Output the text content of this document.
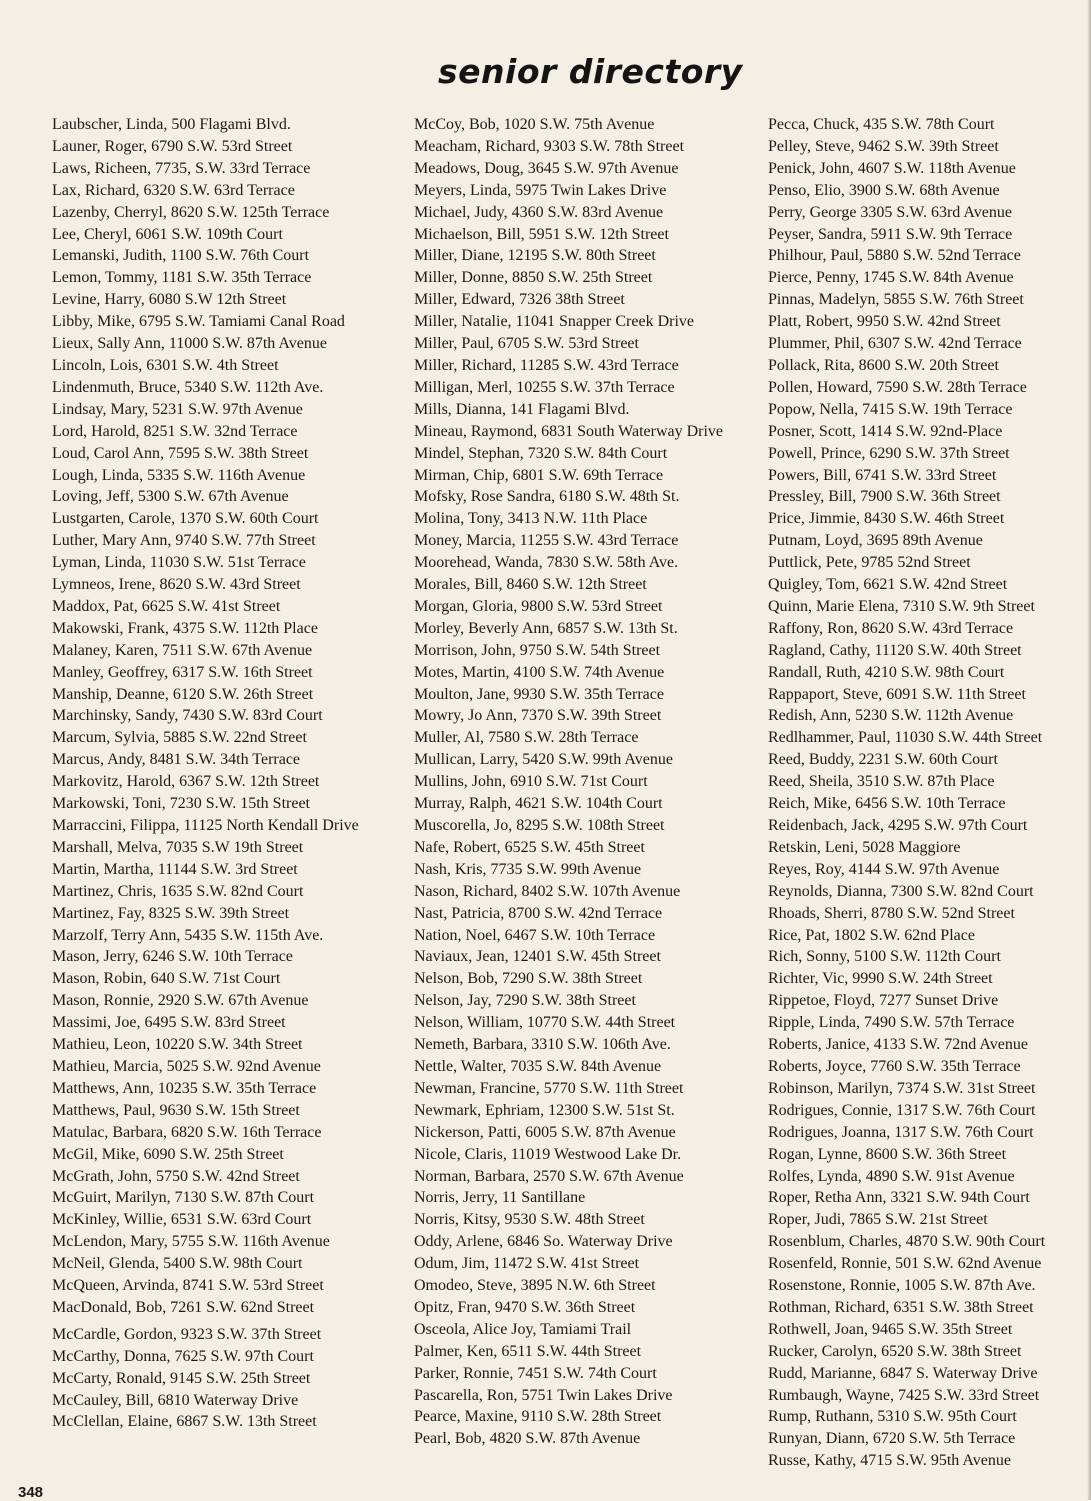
senior directory
Laubscher, Linda, 500 Flagami Blvd.
Launer, Roger, 6790 S.W. 53rd Street
Laws, Richeen, 7735, S.W. 33rd Terrace
Lax, Richard, 6320 S.W. 63rd Terrace
Lazenby, Cherryl, 8620 S.W. 125th Terrace
Lee, Cheryl, 6061 S.W. 109th Court
Lemanski, Judith, 1100 S.W. 76th Court
Lemon, Tommy, 1181 S.W. 35th Terrace
Levine, Harry, 6080 S.W 12th Street
Libby, Mike, 6795 S.W. Tamiami Canal Road
Lieux, Sally Ann, 11000 S.W. 87th Avenue
Lincoln, Lois, 6301 S.W. 4th Street
Lindenmuth, Bruce, 5340 S.W. 112th Ave.
Lindsay, Mary, 5231 S.W. 97th Avenue
Lord, Harold, 8251 S.W. 32nd Terrace
Loud, Carol Ann, 7595 S.W. 38th Street
Lough, Linda, 5335 S.W. 116th Avenue
Loving, Jeff, 5300 S.W. 67th Avenue
Lustgarten, Carole, 1370 S.W. 60th Court
Luther, Mary Ann, 9740 S.W. 77th Street
Lyman, Linda, 11030 S.W. 51st Terrace
Lymneos, Irene, 8620 S.W. 43rd Street
Maddox, Pat, 6625 S.W. 41st Street
Makowski, Frank, 4375 S.W. 112th Place
Malaney, Karen, 7511 S.W. 67th Avenue
Manley, Geoffrey, 6317 S.W. 16th Street
Manship, Deanne, 6120 S.W. 26th Street
Marchinsky, Sandy, 7430 S.W. 83rd Court
Marcum, Sylvia, 5885 S.W. 22nd Street
Marcus, Andy, 8481 S.W. 34th Terrace
Markovitz, Harold, 6367 S.W. 12th Street
Markowski, Toni, 7230 S.W. 15th Street
Marraccini, Filippa, 11125 North Kendall Drive
Marshall, Melva, 7035 S.W 19th Street
Martin, Martha, 11144 S.W. 3rd Street
Martinez, Chris, 1635 S.W. 82nd Court
Martinez, Fay, 8325 S.W. 39th Street
Marzolf, Terry Ann, 5435 S.W. 115th Ave.
Mason, Jerry, 6246 S.W. 10th Terrace
Mason, Robin, 640 S.W. 71st Court
Mason, Ronnie, 2920 S.W. 67th Avenue
Massimi, Joe, 6495 S.W. 83rd Street
Mathieu, Leon, 10220 S.W. 34th Street
Mathieu, Marcia, 5025 S.W. 92nd Avenue
Matthews, Ann, 10235 S.W. 35th Terrace
Matthews, Paul, 9630 S.W. 15th Street
Matulac, Barbara, 6820 S.W. 16th Terrace
McGil, Mike, 6090 S.W. 25th Street
McGrath, John, 5750 S.W. 42nd Street
McGuirt, Marilyn, 7130 S.W. 87th Court
McKinley, Willie, 6531 S.W. 63rd Court
McLendon, Mary, 5755 S.W. 116th Avenue
McNeil, Glenda, 5400 S.W. 98th Court
McQueen, Arvinda, 8741 S.W. 53rd Street
MacDonald, Bob, 7261 S.W. 62nd Street
McCardle, Gordon, 9323 S.W. 37th Street
McCarthy, Donna, 7625 S.W. 97th Court
McCarty, Ronald, 9145 S.W. 25th Street
McCauley, Bill, 6810 Waterway Drive
McClellan, Elaine, 6867 S.W. 13th Street
McCoy, Bob, 1020 S.W. 75th Avenue
Meacham, Richard, 9303 S.W. 78th Street
Meadows, Doug, 3645 S.W. 97th Avenue
Meyers, Linda, 5975 Twin Lakes Drive
Michael, Judy, 4360 S.W. 83rd Avenue
Michaelson, Bill, 5951 S.W. 12th Street
Miller, Diane, 12195 S.W. 80th Street
Miller, Donne, 8850 S.W. 25th Street
Miller, Edward, 7326 38th Street
Miller, Natalie, 11041 Snapper Creek Drive
Miller, Paul, 6705 S.W. 53rd Street
Miller, Richard, 11285 S.W. 43rd Terrace
Milligan, Merl, 10255 S.W. 37th Terrace
Mills, Dianna, 141 Flagami Blvd.
Mineau, Raymond, 6831 South Waterway Drive
Mindel, Stephan, 7320 S.W. 84th Court
Mirman, Chip, 6801 S.W. 69th Terrace
Mofsky, Rose Sandra, 6180 S.W. 48th St.
Molina, Tony, 3413 N.W. 11th Place
Money, Marcia, 11255 S.W. 43rd Terrace
Moorehead, Wanda, 7830 S.W. 58th Ave.
Morales, Bill, 8460 S.W. 12th Street
Morgan, Gloria, 9800 S.W. 53rd Street
Morley, Beverly Ann, 6857 S.W. 13th St.
Morrison, John, 9750 S.W. 54th Street
Motes, Martin, 4100 S.W. 74th Avenue
Moulton, Jane, 9930 S.W. 35th Terrace
Mowry, Jo Ann, 7370 S.W. 39th Street
Muller, Al, 7580 S.W. 28th Terrace
Mullican, Larry, 5420 S.W. 99th Avenue
Mullins, John, 6910 S.W. 71st Court
Murray, Ralph, 4621 S.W. 104th Court
Muscorella, Jo, 8295 S.W. 108th Street
Nafe, Robert, 6525 S.W. 45th Street
Nash, Kris, 7735 S.W. 99th Avenue
Nason, Richard, 8402 S.W. 107th Avenue
Nast, Patricia, 8700 S.W. 42nd Terrace
Nation, Noel, 6467 S.W. 10th Terrace
Naviaux, Jean, 12401 S.W. 45th Street
Nelson, Bob, 7290 S.W. 38th Street
Nelson, Jay, 7290 S.W. 38th Street
Nelson, William, 10770 S.W. 44th Street
Nemeth, Barbara, 3310 S.W. 106th Ave.
Nettle, Walter, 7035 S.W. 84th Avenue
Newman, Francine, 5770 S.W. 11th Street
Newmark, Ephriam, 12300 S.W. 51st St.
Nickerson, Patti, 6005 S.W. 87th Avenue
Nicole, Claris, 11019 Westwood Lake Dr.
Norman, Barbara, 2570 S.W. 67th Avenue
Norris, Jerry, 11 Santillane
Norris, Kitsy, 9530 S.W. 48th Street
Oddy, Arlene, 6846 So. Waterway Drive
Odum, Jim, 11472 S.W. 41st Street
Omodeo, Steve, 3895 N.W. 6th Street
Opitz, Fran, 9470 S.W. 36th Street
Osceola, Alice Joy, Tamiami Trail
Palmer, Ken, 6511 S.W. 44th Street
Parker, Ronnie, 7451 S.W. 74th Court
Pascarella, Ron, 5751 Twin Lakes Drive
Pearce, Maxine, 9110 S.W. 28th Street
Pearl, Bob, 4820 S.W. 87th Avenue
Pecca, Chuck, 435 S.W. 78th Court
Pelley, Steve, 9462 S.W. 39th Street
Penick, John, 4607 S.W. 118th Avenue
Penso, Elio, 3900 S.W. 68th Avenue
Perry, George 3305 S.W. 63rd Avenue
Peyser, Sandra, 5911 S.W. 9th Terrace
Philhour, Paul, 5880 S.W. 52nd Terrace
Pierce, Penny, 1745 S.W. 84th Avenue
Pinnas, Madelyn, 5855 S.W. 76th Street
Platt, Robert, 9950 S.W. 42nd Street
Plummer, Phil, 6307 S.W. 42nd Terrace
Pollack, Rita, 8600 S.W. 20th Street
Pollen, Howard, 7590 S.W. 28th Terrace
Popow, Nella, 7415 S.W. 19th Terrace
Posner, Scott, 1414 S.W. 92nd-Place
Powell, Prince, 6290 S.W. 37th Street
Powers, Bill, 6741 S.W. 33rd Street
Pressley, Bill, 7900 S.W. 36th Street
Price, Jimmie, 8430 S.W. 46th Street
Putnam, Loyd, 3695 89th Avenue
Puttlick, Pete, 9785 52nd Street
Quigley, Tom, 6621 S.W. 42nd Street
Quinn, Marie Elena, 7310 S.W. 9th Street
Raffony, Ron, 8620 S.W. 43rd Terrace
Ragland, Cathy, 11120 S.W. 40th Street
Randall, Ruth, 4210 S.W. 98th Court
Rappaport, Steve, 6091 S.W. 11th Street
Redish, Ann, 5230 S.W. 112th Avenue
Redlhammer, Paul, 11030 S.W. 44th Street
Reed, Buddy, 2231 S.W. 60th Court
Reed, Sheila, 3510 S.W. 87th Place
Reich, Mike, 6456 S.W. 10th Terrace
Reidenbach, Jack, 4295 S.W. 97th Court
Retskin, Leni, 5028 Maggiore
Reyes, Roy, 4144 S.W. 97th Avenue
Reynolds, Dianna, 7300 S.W. 82nd Court
Rhoads, Sherri, 8780 S.W. 52nd Street
Rice, Pat, 1802 S.W. 62nd Place
Rich, Sonny, 5100 S.W. 112th Court
Richter, Vic, 9990 S.W. 24th Street
Rippetoe, Floyd, 7277 Sunset Drive
Ripple, Linda, 7490 S.W. 57th Terrace
Roberts, Janice, 4133 S.W. 72nd Avenue
Roberts, Joyce, 7760 S.W. 35th Terrace
Robinson, Marilyn, 7374 S.W. 31st Street
Rodrigues, Connie, 1317 S.W. 76th Court
Rodrigues, Joanna, 1317 S.W. 76th Court
Rogan, Lynne, 8600 S.W. 36th Street
Rolfes, Lynda, 4890 S.W. 91st Avenue
Roper, Retha Ann, 3321 S.W. 94th Court
Roper, Judi, 7865 S.W. 21st Street
Rosenblum, Charles, 4870 S.W. 90th Court
Rosenfeld, Ronnie, 501 S.W. 62nd Avenue
Rosenstone, Ronnie, 1005 S.W. 87th Ave.
Rothman, Richard, 6351 S.W. 38th Street
Rothwell, Joan, 9465 S.W. 35th Street
Rucker, Carolyn, 6520 S.W. 38th Street
Rudd, Marianne, 6847 S. Waterway Drive
Rumbaugh, Wayne, 7425 S.W. 33rd Street
Rump, Ruthann, 5310 S.W. 95th Court
Runyan, Diann, 6720 S.W. 5th Terrace
Russe, Kathy, 4715 S.W. 95th Avenue
348
